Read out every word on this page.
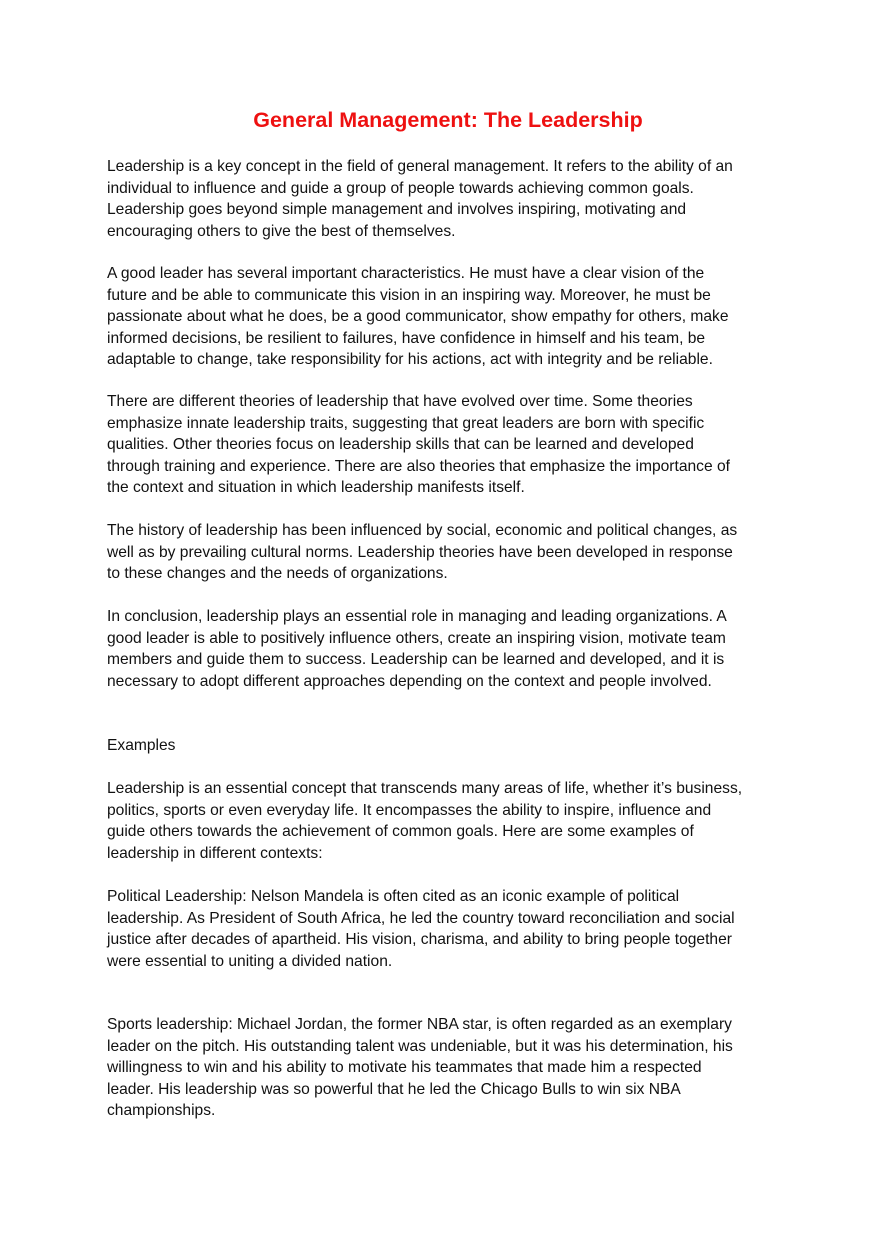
General Management: The Leadership
Leadership is a key concept in the field of general management. It refers to the ability of an
individual to influence and guide a group of people towards achieving common goals.
Leadership goes beyond simple management and involves inspiring, motivating and
encouraging others to give the best of themselves.
A good leader has several important characteristics. He must have a clear vision of the
future and be able to communicate this vision in an inspiring way. Moreover, he must be
passionate about what he does, be a good communicator, show empathy for others, make
informed decisions, be resilient to failures, have confidence in himself and his team, be
adaptable to change, take responsibility for his actions, act with integrity and be reliable.
There are different theories of leadership that have evolved over time. Some theories
emphasize innate leadership traits, suggesting that great leaders are born with specific
qualities. Other theories focus on leadership skills that can be learned and developed
through training and experience. There are also theories that emphasize the importance of
the context and situation in which leadership manifests itself.
The history of leadership has been influenced by social, economic and political changes, as
well as by prevailing cultural norms. Leadership theories have been developed in response
to these changes and the needs of organizations.
In conclusion, leadership plays an essential role in managing and leading organizations. A
good leader is able to positively influence others, create an inspiring vision, motivate team
members and guide them to success. Leadership can be learned and developed, and it is
necessary to adopt different approaches depending on the context and people involved.
Examples
Leadership is an essential concept that transcends many areas of life, whether it’s business,
politics, sports or even everyday life. It encompasses the ability to inspire, influence and
guide others towards the achievement of common goals. Here are some examples of
leadership in different contexts:
Political Leadership: Nelson Mandela is often cited as an iconic example of political
leadership. As President of South Africa, he led the country toward reconciliation and social
justice after decades of apartheid. His vision, charisma, and ability to bring people together
were essential to uniting a divided nation.
Sports leadership: Michael Jordan, the former NBA star, is often regarded as an exemplary
leader on the pitch. His outstanding talent was undeniable, but it was his determination, his
willingness to win and his ability to motivate his teammates that made him a respected
leader. His leadership was so powerful that he led the Chicago Bulls to win six NBA
championships.
